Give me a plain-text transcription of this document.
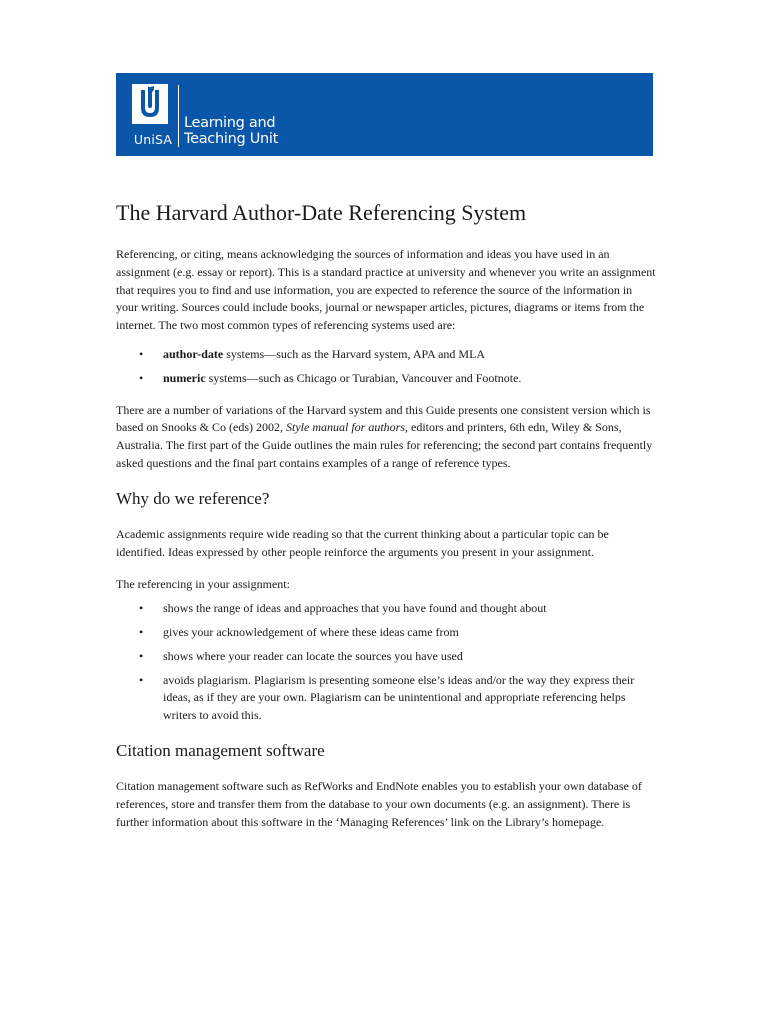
UniSA
Learning and
Teaching Unit
The Harvard Author-Date Referencing System

Referencing, or citing, means acknowledging the sources of information and ideas you have used in an assignment (e.g. essay or report). This is a standard practice at university and whenever you write an assignment that requires you to find and use information, you are expected to reference the source of the information in your writing. Sources could include books, journal or newspaper articles, pictures, diagrams or items from the internet. The two most common types of referencing systems used are:

• author-date systems—such as the Harvard system, APA and MLA
• numeric systems—such as Chicago or Turabian, Vancouver and Footnote.

There are a number of variations of the Harvard system and this Guide presents one consistent version which is based on Snooks & Co (eds) 2002, Style manual for authors, editors and printers, 6th edn, Wiley & Sons, Australia. The first part of the Guide outlines the main rules for referencing; the second part contains frequently asked questions and the final part contains examples of a range of reference types.

Why do we reference?

Academic assignments require wide reading so that the current thinking about a particular topic can be identified. Ideas expressed by other people reinforce the arguments you present in your assignment.

The referencing in your assignment:

• shows the range of ideas and approaches that you have found and thought about
• gives your acknowledgement of where these ideas came from
• shows where your reader can locate the sources you have used
• avoids plagiarism. Plagiarism is presenting someone else’s ideas and/or the way they express their ideas, as if they are your own. Plagiarism can be unintentional and appropriate referencing helps writers to avoid this.
Citation management software

Citation management software such as RefWorks and EndNote enables you to establish your own database of references, store and transfer them from the database to your own documents (e.g. an assignment). There is further information about this software in the ‘Managing References’ link on the Library’s homepage.
